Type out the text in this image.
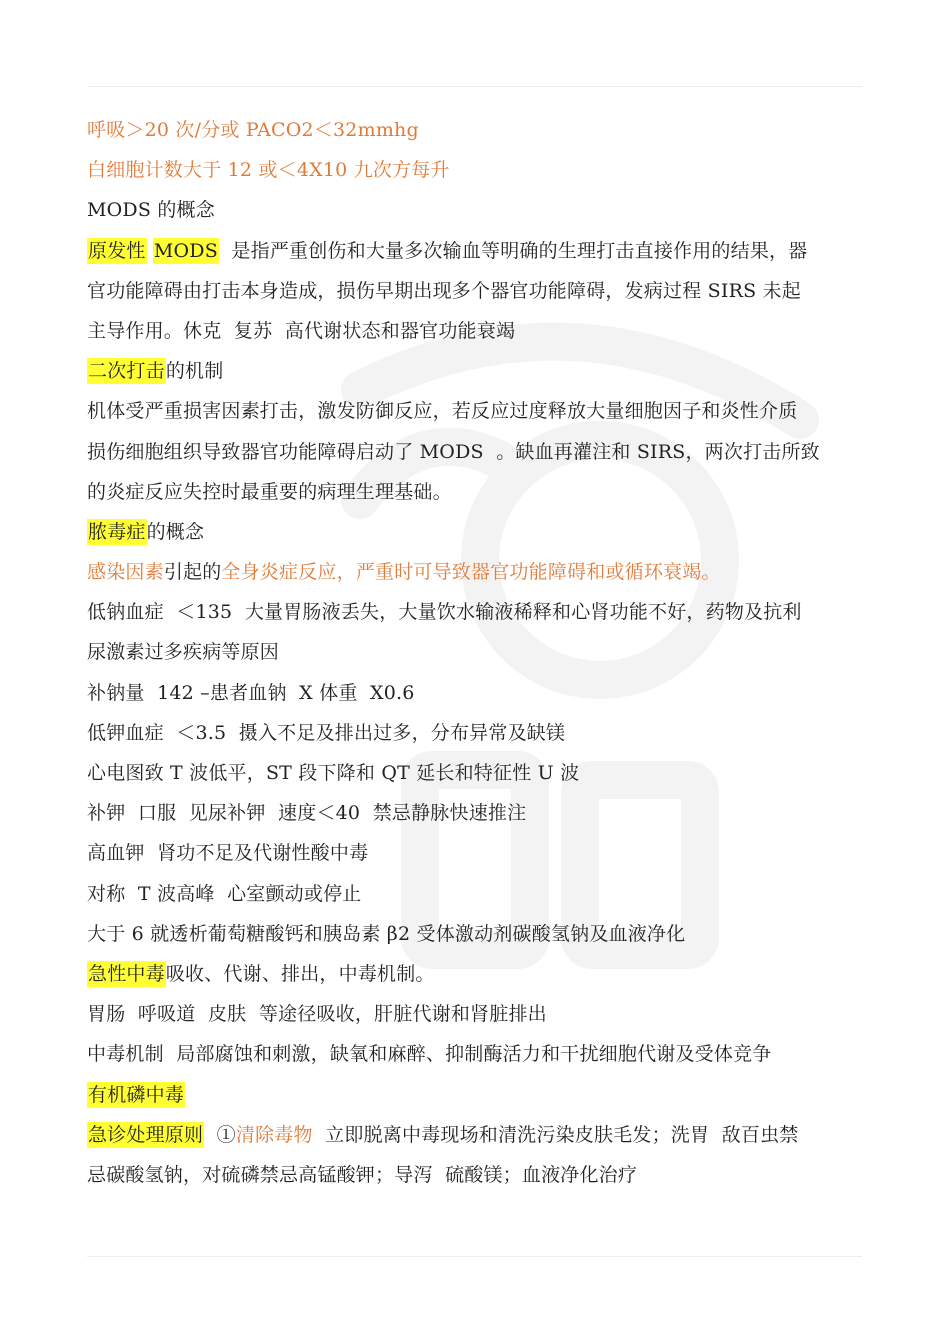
呼吸＞20 次/分或 PACO2＜32mmhg
白细胞计数大于 12 或＜4X10 九次方每升
MODS 的概念
原发性 MODS  是指严重创伤和大量多次输血等明确的生理打击直接作用的结果，器
官功能障碍由打击本身造成，损伤早期出现多个器官功能障碍，发病过程 SIRS 未起
主导作用。休克  复苏  高代谢状态和器官功能衰竭
二次打击的机制
机体受严重损害因素打击，激发防御反应，若反应过度释放大量细胞因子和炎性介质
损伤细胞组织导致器官功能障碍启动了 MODS  。缺血再灌注和 SIRS，两次打击所致
的炎症反应失控时最重要的病理生理基础。
脓毒症的概念
感染因素引起的全身炎症反应，严重时可导致器官功能障碍和或循环衰竭。
低钠血症  ＜135  大量胃肠液丢失，大量饮水输液稀释和心肾功能不好，药物及抗利
尿激素过多疾病等原因
补钠量  142 –患者血钠  X 体重  X0.6
低钾血症  ＜3.5  摄入不足及排出过多，分布异常及缺镁
心电图致 T 波低平，ST 段下降和 QT 延长和特征性 U 波
补钾  口服  见尿补钾  速度＜40  禁忌静脉快速推注
高血钾  肾功不足及代谢性酸中毒
对称  T 波高峰  心室颤动或停止
大于 6 就透析葡萄糖酸钙和胰岛素 β2 受体激动剂碳酸氢钠及血液净化
急性中毒吸收、代谢、排出，中毒机制。
胃肠  呼吸道  皮肤  等途径吸收，肝脏代谢和肾脏排出
中毒机制  局部腐蚀和刺激，缺氧和麻醉、抑制酶活力和干扰细胞代谢及受体竞争
有机磷中毒
急诊处理原则  ①清除毒物  立即脱离中毒现场和清洗污染皮肤毛发；洗胃  敌百虫禁
忌碳酸氢钠，对硫磷禁忌高锰酸钾；导泻  硫酸镁；血液净化治疗
